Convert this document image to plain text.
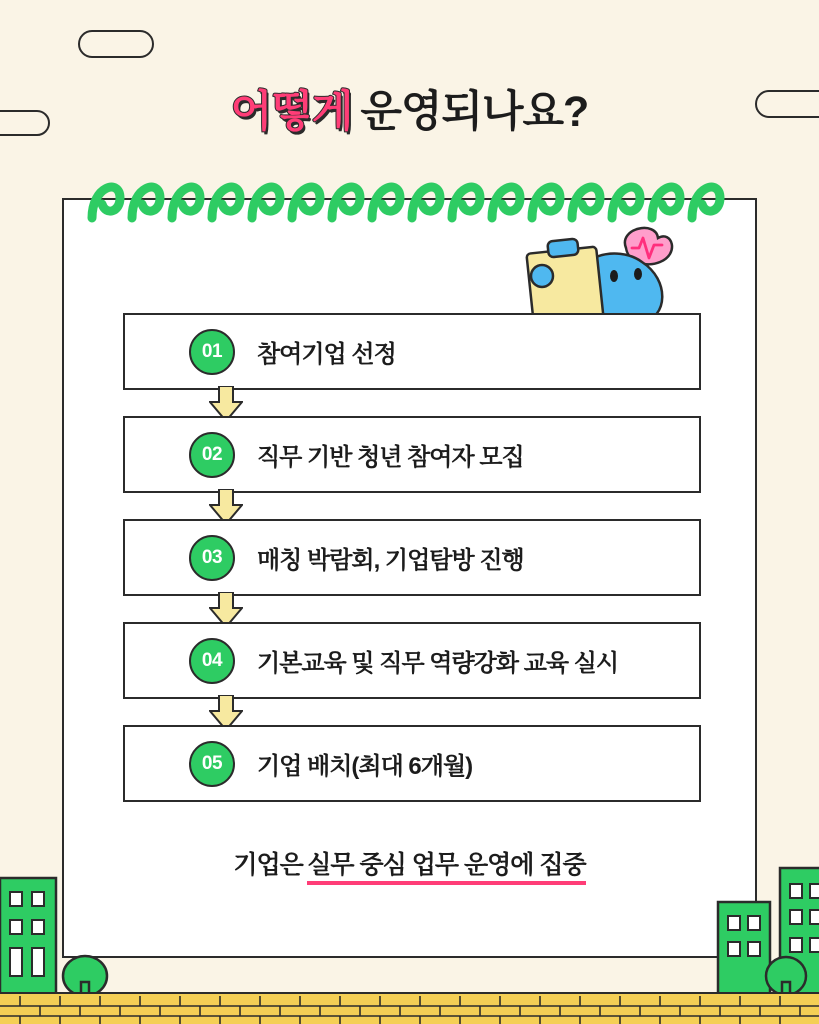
어떻게 운영되나요?
01	참여기업 선정
02	직무 기반 청년 참여자 모집
03	매칭 박람회, 기업탐방 진행
04	기본교육 및 직무 역량강화 교육 실시
05	기업 배치(최대 6개월)
기업은 실무 중심 업무 운영에 집중
